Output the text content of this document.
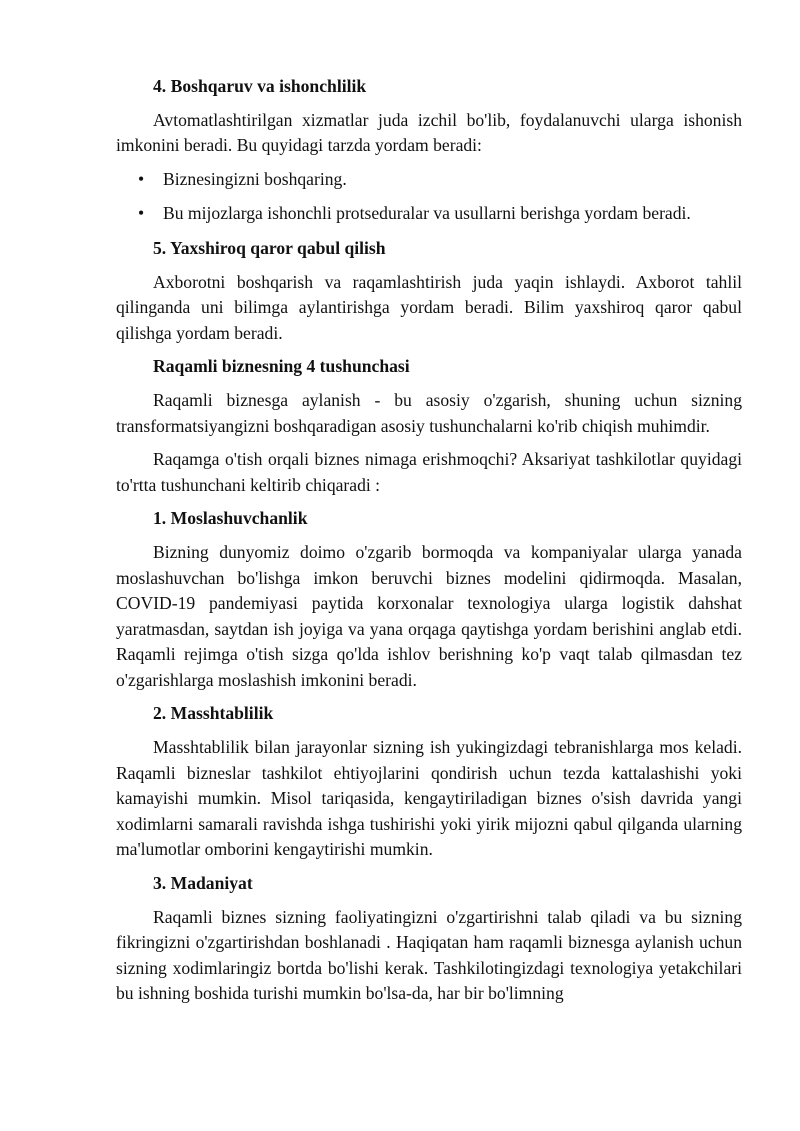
4. Boshqaruv va ishonchlilik

Avtomatlashtirilgan xizmatlar juda izchil bo'lib, foydalanuvchi ularga ishonish imkonini beradi. Bu quyidagi tarzda yordam beradi:

• Biznesingizni boshqaring.
• Bu mijozlarga ishonchli protseduralar va usullarni berishga yordam beradi.

5. Yaxshiroq qaror qabul qilish

Axborotni boshqarish va raqamlashtirish juda yaqin ishlaydi. Axborot tahlil qilinganda uni bilimga aylantirishga yordam beradi. Bilim yaxshiroq qaror qabul qilishga yordam beradi.

Raqamli biznesning 4 tushunchasi

Raqamli biznesga aylanish - bu asosiy o'zgarish, shuning uchun sizning transformatsiyangizni boshqaradigan asosiy tushunchalarni ko'rib chiqish muhimdir.

Raqamga o'tish orqali biznes nimaga erishmoqchi? Aksariyat tashkilotlar quyidagi to'rtta tushunchani keltirib chiqaradi :

1. Moslashuvchanlik

Bizning dunyomiz doimo o'zgarib bormoqda va kompaniyalar ularga yanada moslashuvchan bo'lishga imkon beruvchi biznes modelini qidirmoqda. Masalan, COVID-19 pandemiyasi paytida korxonalar texnologiya ularga logistik dahshat yaratmasdan, saytdan ish joyiga va yana orqaga qaytishga yordam berishini anglab etdi. Raqamli rejimga o'tish sizga qo'lda ishlov berishning ko'p vaqt talab qilmasdan tez o'zgarishlarga moslashish imkonini beradi.

2. Masshtablilik

Masshtablilik bilan jarayonlar sizning ish yukingizdagi tebranishlarga mos keladi. Raqamli bizneslar tashkilot ehtiyojlarini qondirish uchun tezda kattalashishi yoki kamayishi mumkin. Misol tariqasida, kengaytiriladigan biznes o'sish davrida yangi xodimlarni samarali ravishda ishga tushirishi yoki yirik mijozni qabul qilganda ularning ma'lumotlar omborini kengaytirishi mumkin.

3. Madaniyat

Raqamli biznes sizning faoliyatingizni o'zgartirishni talab qiladi va bu sizning fikringizni o'zgartirishdan boshlanadi . Haqiqatan ham raqamli biznesga aylanish uchun sizning xodimlaringiz bortda bo'lishi kerak. Tashkilotingizdagi texnologiya yetakchilari bu ishning boshida turishi mumkin bo'lsa-da, har bir bo'limning
